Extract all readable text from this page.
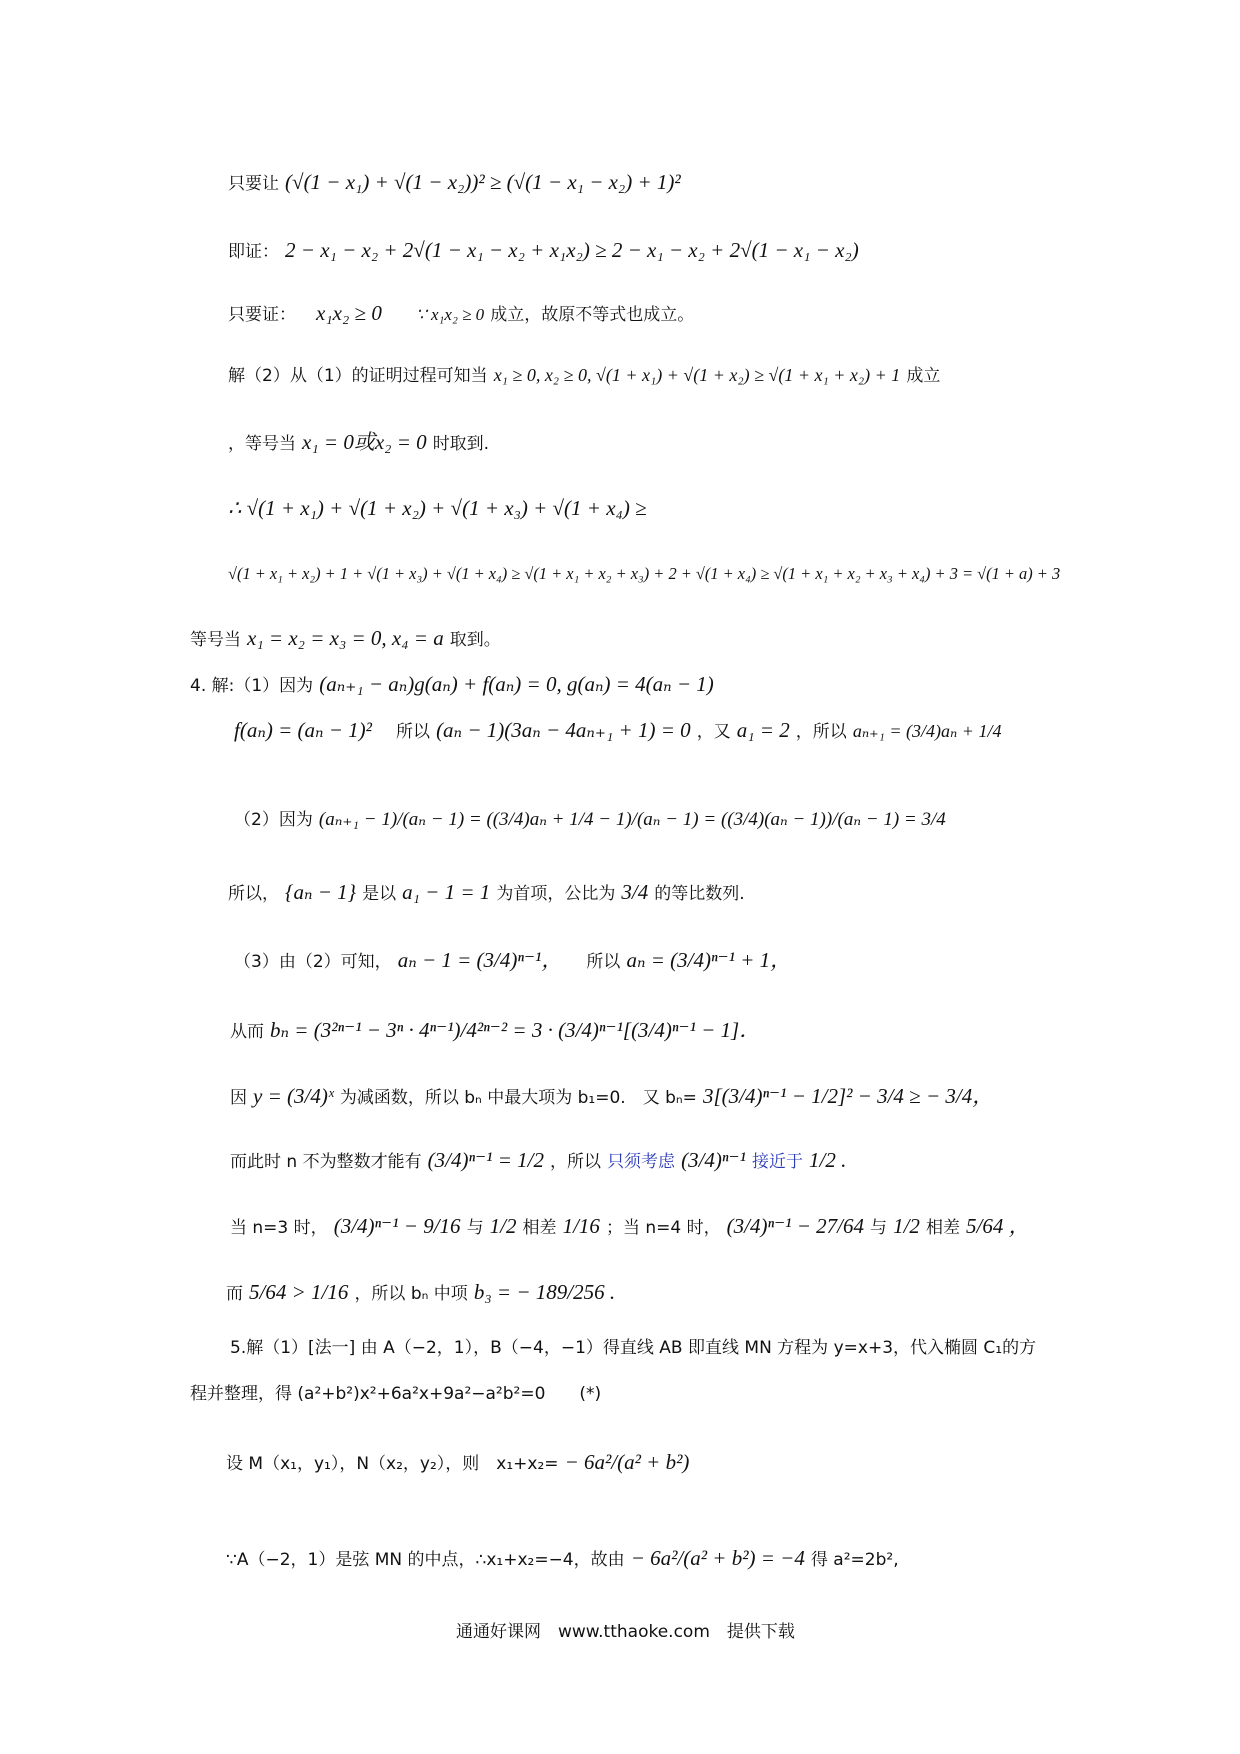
只要让 (√(1 − x₁) + √(1 − x₂))² ≥ (√(1 − x₁ − x₂) + 1)²
即证： 2 − x₁ − x₂ + 2√(1 − x₁ − x₂ + x₁x₂) ≥ 2 − x₁ − x₂ + 2√(1 − x₁ − x₂)
只要证： x₁x₂ ≥ 0 ∵ x₁x₂ ≥ 0 成立，故原不等式也成立。
解（2）从（1）的证明过程可知当 x₁ ≥ 0, x₂ ≥ 0, √(1 + x₁) + √(1 + x₂) ≥ √(1 + x₁ + x₂) + 1 成立
，等号当 x₁ = 0或x₂ = 0 时取到.
∴ √(1 + x₁) + √(1 + x₂) + √(1 + x₃) + √(1 + x₄) ≥
√(1 + x₁ + x₂) + 1 + √(1 + x₃) + √(1 + x₄) ≥ √(1 + x₁ + x₂ + x₃) + 2 + √(1 + x₄) ≥ √(1 + x₁ + x₂ + x₃ + x₄) + 3 = √(1 + a) + 3
等号当 x₁ = x₂ = x₃ = 0, x₄ = a 取到。
4. 解:（1）因为 (aₙ₊₁ − aₙ)g(aₙ) + f(aₙ) = 0, g(aₙ) = 4(aₙ − 1)
f(aₙ) = (aₙ − 1)² 所以 (aₙ − 1)(3aₙ − 4aₙ₊₁ + 1) = 0 ，又 a₁ = 2 ，所以 aₙ₊₁ = (3/4)aₙ + 1/4
（2）因为 (aₙ₊₁ − 1)/(aₙ − 1) = ((3/4)aₙ + 1/4 − 1)/(aₙ − 1) = ((3/4)(aₙ − 1))/(aₙ − 1) = 3/4
所以， {aₙ − 1} 是以 a₁ − 1 = 1 为首项，公比为 3/4 的等比数列.
（3）由（2）可知， aₙ − 1 = (3/4)ⁿ⁻¹， 所以 aₙ = (3/4)ⁿ⁻¹ + 1，
从而 bₙ = (3²ⁿ⁻¹ − 3ⁿ · 4ⁿ⁻¹)/4²ⁿ⁻² = 3 · (3/4)ⁿ⁻¹[(3/4)ⁿ⁻¹ − 1]．
因 y = (3/4)ˣ 为减函数，所以 bₙ 中最大项为 b₁=0.　又 bₙ= 3[(3/4)ⁿ⁻¹ − 1/2]² − 3/4 ≥ − 3/4，
而此时 n 不为整数才能有 (3/4)ⁿ⁻¹ = 1/2 ，所以 只须考虑 (3/4)ⁿ⁻¹ 接近于 1/2 .
当 n=3 时， (3/4)ⁿ⁻¹ − 9/16 与 1/2 相差 1/16 ；当 n=4 时， (3/4)ⁿ⁻¹ − 27/64 与 1/2 相差 5/64 ，
而 5/64 > 1/16 ，所以 bₙ 中项 b₃ = − 189/256 .
5.解（1）[法一] 由 A（−2，1），B（−4，−1）得直线 AB 即直线 MN 方程为 y=x+3，代入椭圆 C₁的方
程并整理，得 (a²+b²)x²+6a²x+9a²−a²b²=0　　(*)
设 M（x₁，y₁），N（x₂，y₂），则　x₁+x₂= − 6a²/(a² + b²)
∵A（−2，1）是弦 MN 的中点，∴x₁+x₂=−4，故由 − 6a²/(a² + b²) = −4 得 a²=2b²,
通通好课网　www.tthaoke.com　提供下载
